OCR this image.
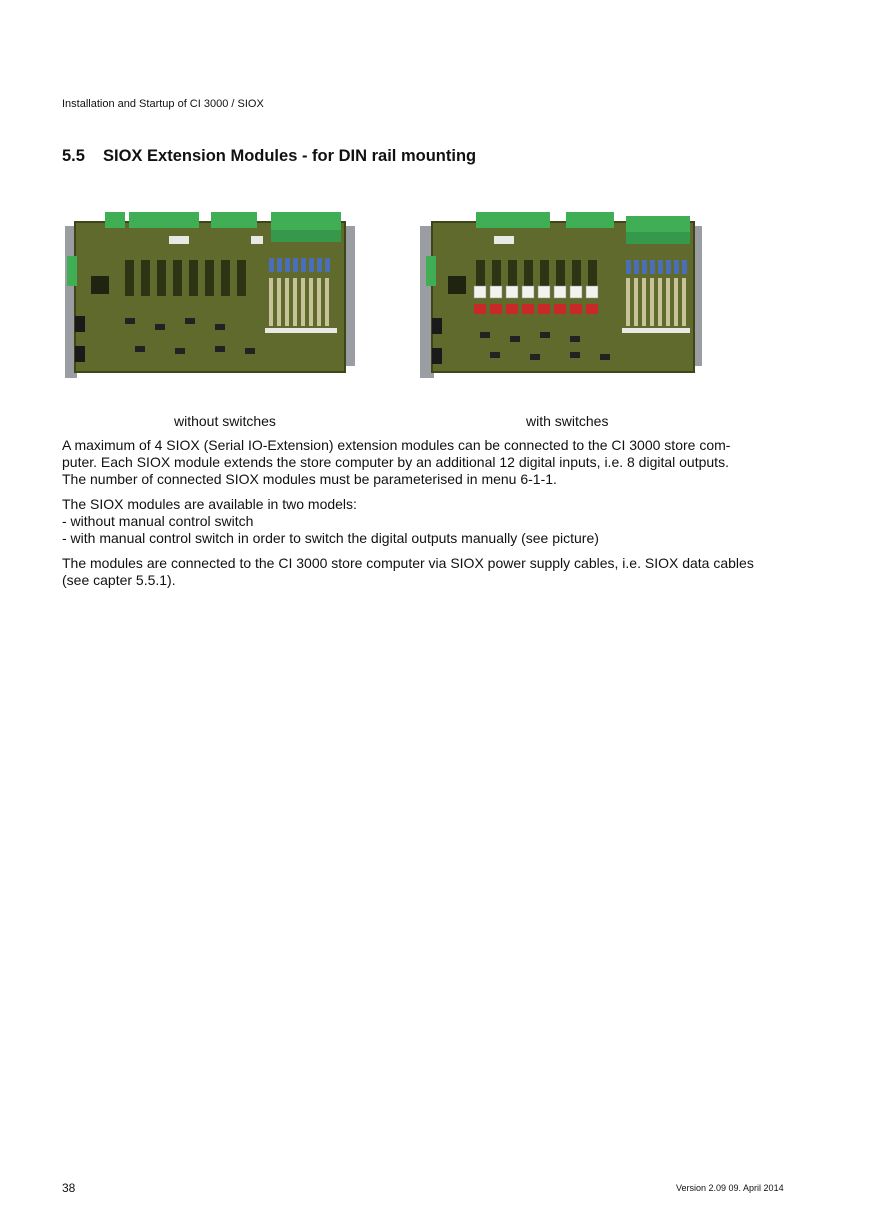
Installation and Startup of CI 3000 / SIOX
5.5 SIOX Extension Modules - for DIN rail mounting
without switches	with switches
A maximum of 4 SIOX (Serial IO-Extension) extension modules can be connected to the CI 3000 store com-
puter. Each SIOX module extends the store computer by an additional 12 digital inputs, i.e. 8 digital outputs.
The number of connected SIOX modules must be parameterised in menu 6-1-1.
The SIOX modules are available in two models:
- without manual control switch
- with manual control switch in order to switch the digital outputs manually (see picture)
The modules are connected to the CI 3000 store computer via SIOX power supply cables, i.e. SIOX data cables
(see capter 5.5.1).
38	Version 2.09 09. April 2014
